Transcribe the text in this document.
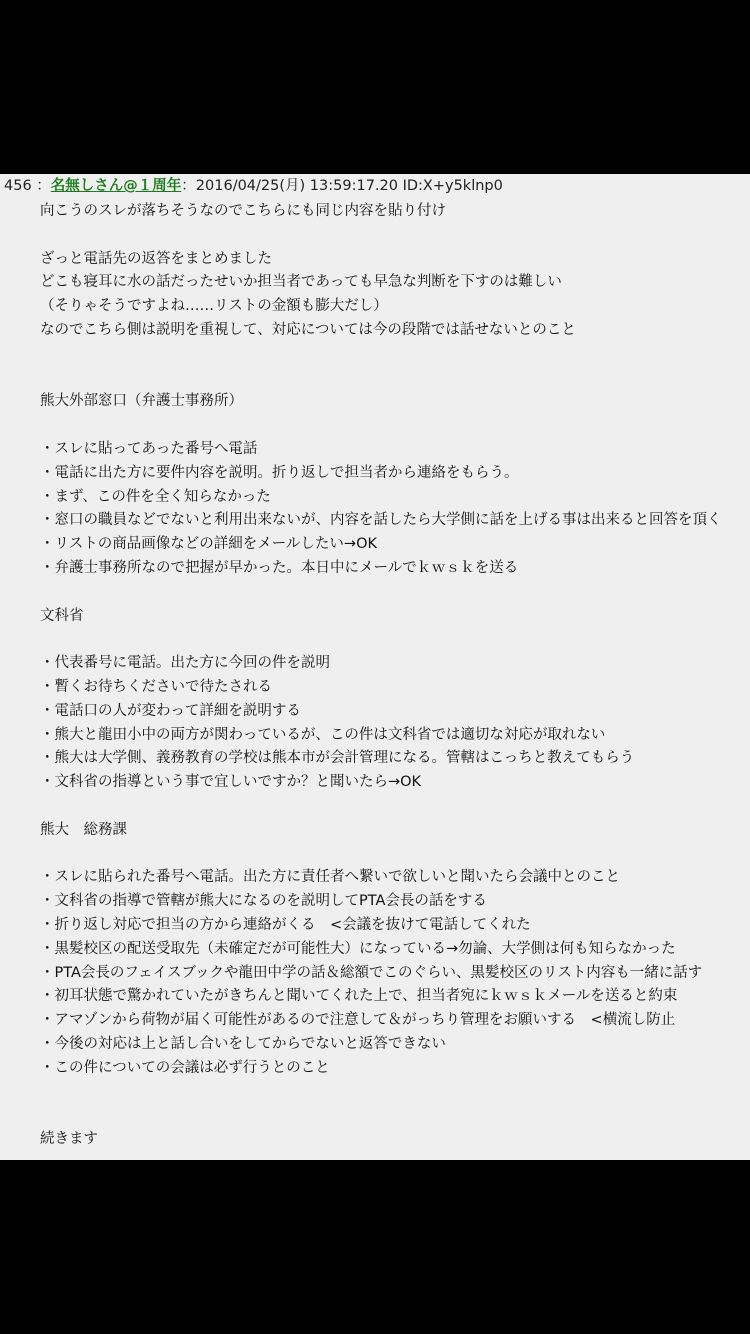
456 ：名無しさん@１周年：2016/04/25(月) 13:59:17.20 ID:X+y5klnp0
向こうのスレが落ちそうなのでこちらにも同じ内容を貼り付け
ざっと電話先の返答をまとめました
どこも寝耳に水の話だったせいか担当者であっても早急な判断を下すのは難しい
（そりゃそうですよね……リストの金額も膨大だし）
なのでこちら側は説明を重視して、対応については今の段階では話せないとのこと
熊大外部窓口（弁護士事務所）
・スレに貼ってあった番号へ電話
・電話に出た方に要件内容を説明。折り返しで担当者から連絡をもらう。
・まず、この件を全く知らなかった
・窓口の職員などでないと利用出来ないが、内容を話したら大学側に話を上げる事は出来ると回答を頂く
・リストの商品画像などの詳細をメールしたい→OK
・弁護士事務所なので把握が早かった。本日中にメールでｋｗｓｋを送る
文科省
・代表番号に電話。出た方に今回の件を説明
・暫くお待ちくださいで待たされる
・電話口の人が変わって詳細を説明する
・熊大と龍田小中の両方が関わっているが、この件は文科省では適切な対応が取れない
・熊大は大学側、義務教育の学校は熊本市が会計管理になる。管轄はこっちと教えてもらう
・文科省の指導という事で宜しいですか？と聞いたら→OK
熊大　総務課
・スレに貼られた番号へ電話。出た方に責任者へ繋いで欲しいと聞いたら会議中とのこと
・文科省の指導で管轄が熊大になるのを説明してPTA会長の話をする
・折り返し対応で担当の方から連絡がくる　<会議を抜けて電話してくれた
・黒髪校区の配送受取先（未確定だが可能性大）になっている→勿論、大学側は何も知らなかった
・PTA会長のフェイスブックや龍田中学の話＆総額でこのぐらい、黒髪校区のリスト内容も一緒に話す
・初耳状態で驚かれていたがきちんと聞いてくれた上で、担当者宛にｋｗｓｋメールを送ると約束
・アマゾンから荷物が届く可能性があるので注意して＆がっちり管理をお願いする　<横流し防止
・今後の対応は上と話し合いをしてからでないと返答できない
・この件についての会議は必ず行うとのこと
続きます
